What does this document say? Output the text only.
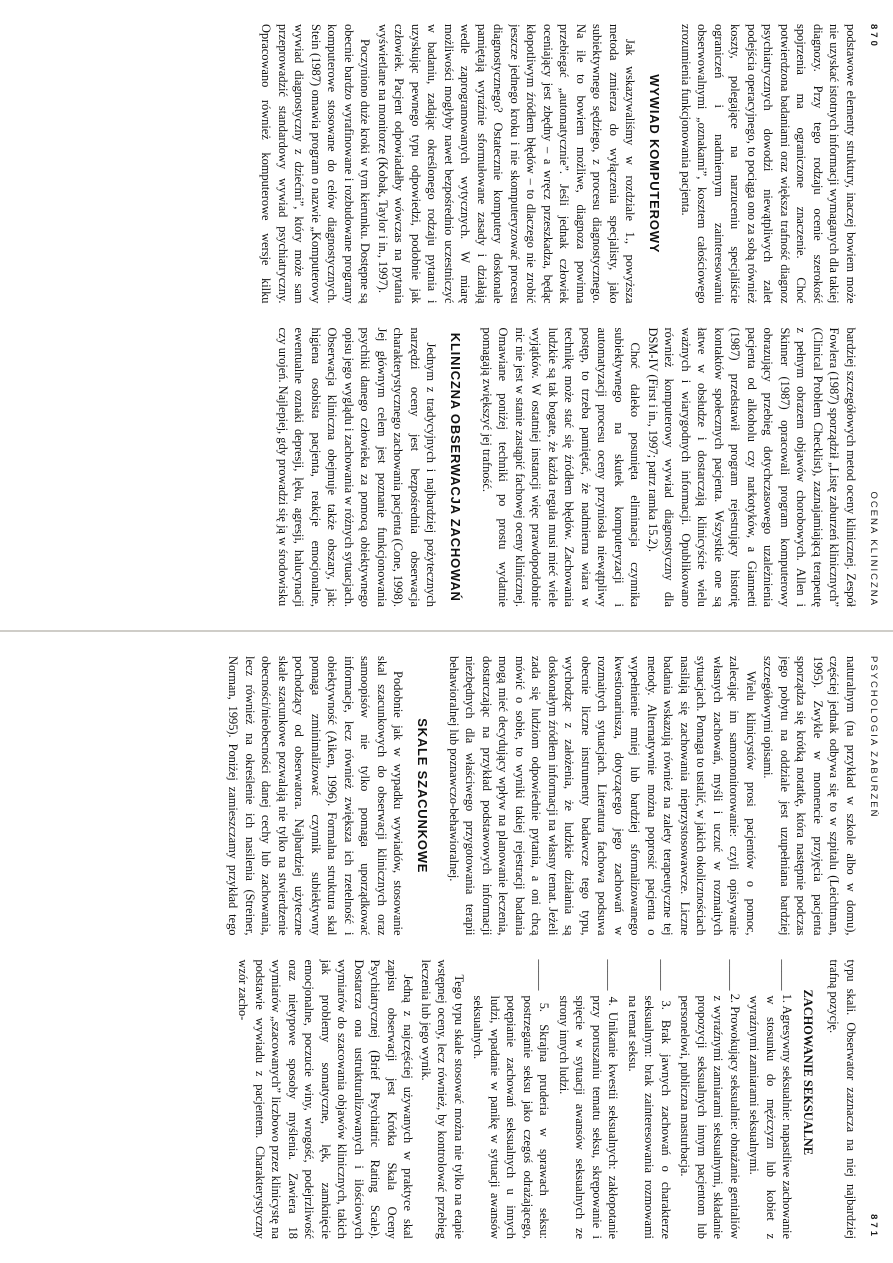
870
OCENA KLINICZNA

podstawowe elementy struktury, inaczej bowiem może nie uzyskać istotnych informacji wymaganych dla takiej diagnozy. Przy tego rodzaju ocenie szerokość spojrzenia ma ograniczone znaczenie. Choć potwierdzona badaniami oraz większa trafność diagnoz psychiatrycznych dowodzi niewątpliwych zalet podejścia operacyjnego, to pociąga ono za sobą również koszty, polegające na narzuceniu specjaliście ograniczeń i nadmiernym zainteresowaniu obserwowalnymi „oznakami”, kosztem całościowego zrozumienia funkcjonowania pacjenta.

WYWIAD KOMPUTEROWY

Jak wskazywaliśmy w rozdziale 1., powyższa metoda zmierza do wyłączenia specjalisty, jako subiektywnego sędziego, z procesu diagnostycznego. Na ile to bowiem możliwe, diagnoza powinna przebiegać „automatycznie”. Jeśli jednak człowiek oceniający jest zbędny – a wręcz przeszkadza, będąc kłopotliwym źródłem błędów – to dlaczego nie zrobić jeszcze jednego kroku i nie skomputeryzować procesu diagnostycznego? Ostatecznie komputery doskonale pamiętają wyraźnie sformułowane zasady i działają wedle zaprogramowanych wytycznych. W miarę możliwości mogłyby nawet bezpośrednio uczestniczyć w badaniu, zadając określonego rodzaju pytania i uzyskując pewnego typu odpowiedzi, podobnie jak człowiek. Pacjent odpowiadałby wówczas na pytania wyświetlane na monitorze (Kobak, Taylor i in., 1997).

Poczyniono duże kroki w tym kierunku. Dostępne są obecnie bardzo wyrafinowane i rozbudowane programy komputerowe stosowane do celów diagnostycznych. Stein (1987) omawia program o nazwie „Komputerowy wywiad diagnostyczny z dziećmi”, który może sam przeprowadzić standardowy wywiad psychiatryczny. Opracowano również komputerowe wersje kilku bardziej szczegółowych metod oceny klinicznej. Zespół Fowlera (1987) sporządził „Listę zaburzeń klinicznych” (Clinical Problem Checklist), zaznajamiającą terapeutę z pełnym obrazem objawów chorobowych. Allen i Skinner (1987) opracowali program komputerowy obrazujący przebieg dotychczasowego uzależnienia pacjenta od alkoholu czy narkotyków, a Giannetti (1987) przedstawił program rejestrujący historię kontaktów społecznych pacjenta. Wszystkie one są łatwe w obsłudze i dostarczają klinicyście wielu ważnych i wiarygodnych informacji. Opublikowano również komputerowy wywiad diagnostyczny dla DSM-IV (First i in., 1997; patrz ramka 15.2).

Choć daleko posunięta eliminacja czynnika subiektywnego na skutek komputeryzacji i automatyzacji procesu oceny przyniosła niewątpliwy postęp, to trzeba pamiętać, że nadmierna wiara w technikę może stać się źródłem błędów. Zachowania ludzkie są tak bogate, że każda reguła musi mieć wiele wyjątków. W ostatniej instancji więc prawdopodobnie nic nie jest w stanie zastąpić fachowej oceny klinicznej. Omawiane poniżej techniki po prostu wydatnie pomagają zwiększyć jej trafność.

KLINICZNA OBSERWACJA ZACHOWAŃ

Jednym z tradycyjnych i najbardziej pożytecznych narzędzi oceny jest bezpośrednia obserwacja charakterystycznego zachowania pacjenta (Cone, 1998). Jej głównym celem jest poznanie funkcjonowania psychiki danego człowieka za pomocą obiektywnego opisu jego wyglądu i zachowania w różnych sytuacjach. Obserwacja kliniczna obejmuje także obszary, jak: higiena osobista pacjenta, reakcje emocjonalne, ewentualne oznaki depresji, lęku, agresji, halucynacji czy urojeń. Najlepiej, gdy prowadzi się ją w środowisku

PSYCHOLOGIA ZABURZEŃ
871

naturalnym (na przykład w szkole albo w domu), częściej jednak odbywa się to w szpitalu (Leichtman, 1995). Zwykle w momencie przyjęcia pacjenta sporządza się krótką notatkę, która następnie podczas jego pobytu na oddziale jest uzupełniana bardziej szczegółowymi opisami.

Wielu klinicystów prosi pacjentów o pomoc, zalecając im samomonitorowanie: czyli opisywanie własnych zachowań, myśli i uczuć w rozmaitych sytuacjach. Pomaga to ustalić, w jakich okolicznościach nasilają się zachowania nieprzystosowawcze. Liczne badania wskazują również na zalety terapeutyczne tej metody. Alternatywnie można poprosić pacjenta o wypełnienie mniej lub bardziej sformalizowanego kwestionariusza, dotyczącego jego zachowań w rozmaitych sytuacjach. Literatura fachowa podsuwa obecnie liczne instrumenty badawcze tego typu, wychodząc z założenia, że ludzkie działania są doskonałym źródłem informacji na własny temat. Jeżeli zada się ludziom odpowiednie pytania, a oni chcą mówić o sobie, to wyniki takiej rejestracji badania mogą mieć decydujący wpływ na planowanie leczenia, dostarczając na przykład podstawowych informacji niezbędnych dla właściwego przygotowania terapii behawioralnej lub poznawczo-behawioralnej.

SKALE SZACUNKOWE

Podobnie jak w wypadku wywiadów, stosowanie skal szacunkowych do obserwacji klinicznych oraz samoopisów nie tylko pomaga uporządkować informacje, lecz również zwiększa ich rzetelność i obiektywność (Aiken, 1996). Formalna struktura skal pomaga zminimalizować czynnik subiektywny pochodzący od obserwatora. Najbardziej użyteczne skale szacunkowe pozwalają nie tylko na stwierdzenie obecności/nieobecności danej cechy lub zachowania, lecz również na określenie ich nasilenia (Streiner, Norman, 1995). Poniżej zamieszczamy przykład tego typu skali. Obserwator zaznacza na niej najbardziej trafną pozycję.

ZACHOWANIE SEKSUALNE
_____ 1. Agresywny seksualnie: napastliwe zachowanie w stosunku do mężczyzn lub kobiet z wyraźnymi zamiarami seksualnymi.
_____ 2. Prowokujący seksualnie: obnażanie genitaliów z wyraźnymi zamiarami seksualnymi, składanie propozycji seksualnych innym pacjentom lub personelowi, publiczna masturbacja.
_____ 3. Brak jawnych zachowań o charakterze seksualnym: brak zainteresowania rozmowami na temat seksu.
_____ 4. Unikanie kwestii seksualnych: zakłopotanie przy poruszaniu tematu seksu, skrępowanie i spięcie w sytuacji awansów seksualnych ze strony innych ludzi.
_____ 5. Skrajna pruderia w sprawach seksu: postrzeganie seksu jako czegoś odrażającego, potępianie zachowań seksualnych u innych ludzi, wpadanie w panikę w sytuacji awansów seksualnych.

Tego typu skale stosować można nie tylko na etapie wstępnej oceny, lecz również, by kontrolować przebieg leczenia lub jego wynik.

Jedną z najczęściej używanych w praktyce skal zapisu obserwacji jest Krótka Skala Oceny Psychiatrycznej (Brief Psychiatric Rating Scale). Dostarcza ona ustrukturalizowanych i ilościowych wymiarów do szacowania objawów klinicznych, takich jak problemy somatyczne, lęk, zamknięcie emocjonalne, poczucie winy, wrogość, podejrzliwość oraz nietypowe sposoby myślenia. Zawiera 18 wymiarów „szacowanych” liczbowo przez klinicystę na podstawie wywiadu z pacjentem. Charakterystyczny wzór zacho-
